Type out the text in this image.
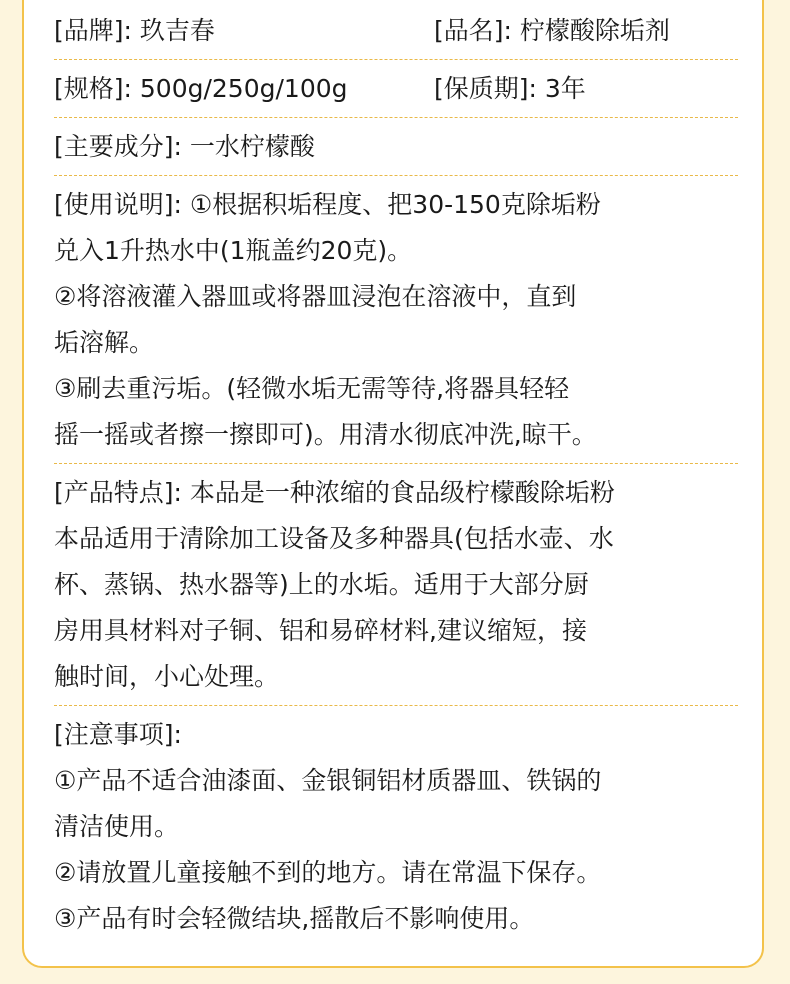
[品牌]: 玖吉春	[品名]: 柠檬酸除垢剂
[规格]: 500g/250g/100g	[保质期]: 3年
[主要成分]: 一水柠檬酸
[使用说明]: ①根据积垢程度、把30-150克除垢粉
兑入1升热水中(1瓶盖约20克)。
②将溶液灌入器皿或将器皿浸泡在溶液中，直到
垢溶解。
③刷去重污垢。(轻微水垢无需等待,将器具轻轻
摇一摇或者擦一擦即可)。用清水彻底冲洗,晾干。
[产品特点]: 本品是一种浓缩的食品级柠檬酸除垢粉
本品适用于清除加工设备及多种器具(包括水壶、水
杯、蒸锅、热水器等)上的水垢。适用于大部分厨
房用具材料对子铜、铝和易碎材料,建议缩短，接
触时间，小心处理。
[注意事项]:
①产品不适合油漆面、金银铜铝材质器皿、铁锅的
清洁使用。
②请放置儿童接触不到的地方。请在常温下保存。
③产品有时会轻微结块,摇散后不影响使用。
